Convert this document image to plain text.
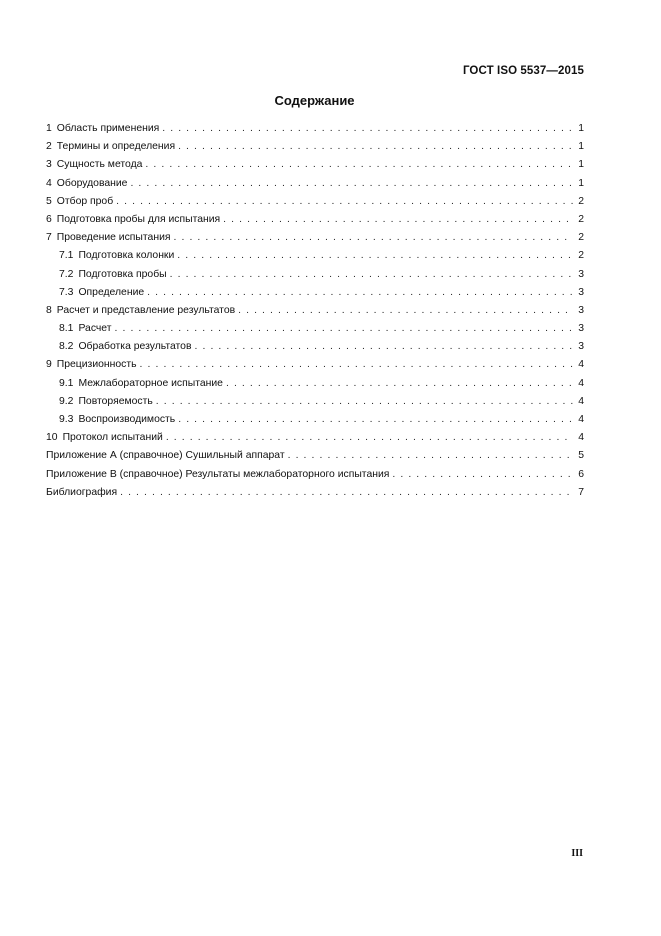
ГОСТ ISO 5537—2015
Содержание
1 Область применения . . .	1
2 Термины и определения . . .	1
3 Сущность метода . . .	1
4 Оборудование . . .	1
5 Отбор проб . . .	2
6 Подготовка пробы для испытания . . .	2
7 Проведение испытания . . .	2
7.1 Подготовка колонки . . .	2
7.2 Подготовка пробы . . .	3
7.3 Определение . . .	3
8 Расчет и представление результатов . . .	3
8.1 Расчет . . .	3
8.2 Обработка результатов . . .	3
9 Прецизионность . . .	4
9.1 Межлабораторное испытание . . .	4
9.2 Повторяемость . . .	4
9.3 Воспроизводимость . . .	4
10 Протокол испытаний . . .	4
Приложение А (справочное) Сушильный аппарат . . .	5
Приложение В (справочное) Результаты межлабораторного испытания . . .	6
Библиография . . .	7
III
